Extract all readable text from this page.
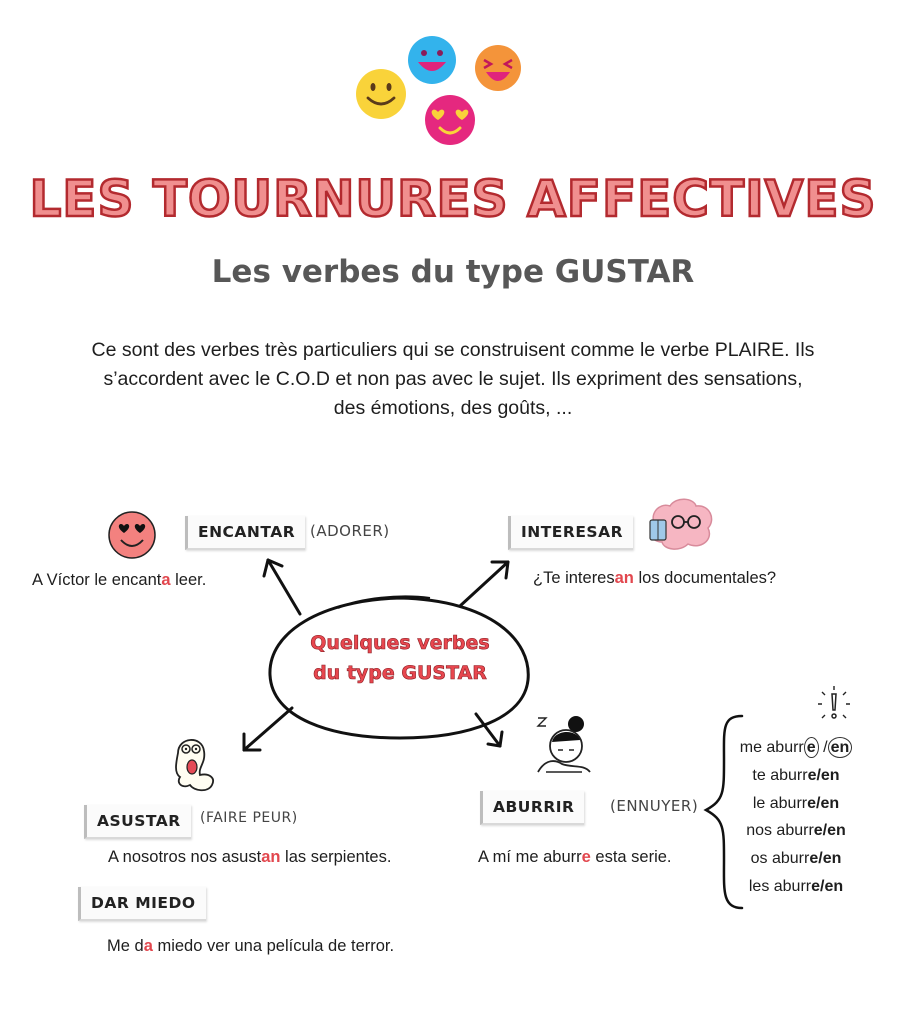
LES TOURNURES AFFECTIVES
Les verbes du type GUSTAR
Ce sont des verbes très particuliers qui se construisent comme le verbe PLAIRE. Ils
s’accordent avec le C.O.D et non pas avec le sujet. Ils expriment des sensations,
des émotions, des goûts, ...
Quelques verbes
du type GUSTAR
ENCANTAR (ADORER)
A Víctor le encanta leer.
INTERESAR
¿Te interesan los documentales?
ASUSTAR	(FAIRE PEUR)
A nosotros nos asustan las serpientes.
DAR MIEDO
Me da miedo ver una película de terror.
ABURRIR	(ENNUYER)
A mí me aburre esta serie.
me aburr e / en
te aburre/en
le aburre/en
nos aburre/en
os aburre/en
les aburre/en
